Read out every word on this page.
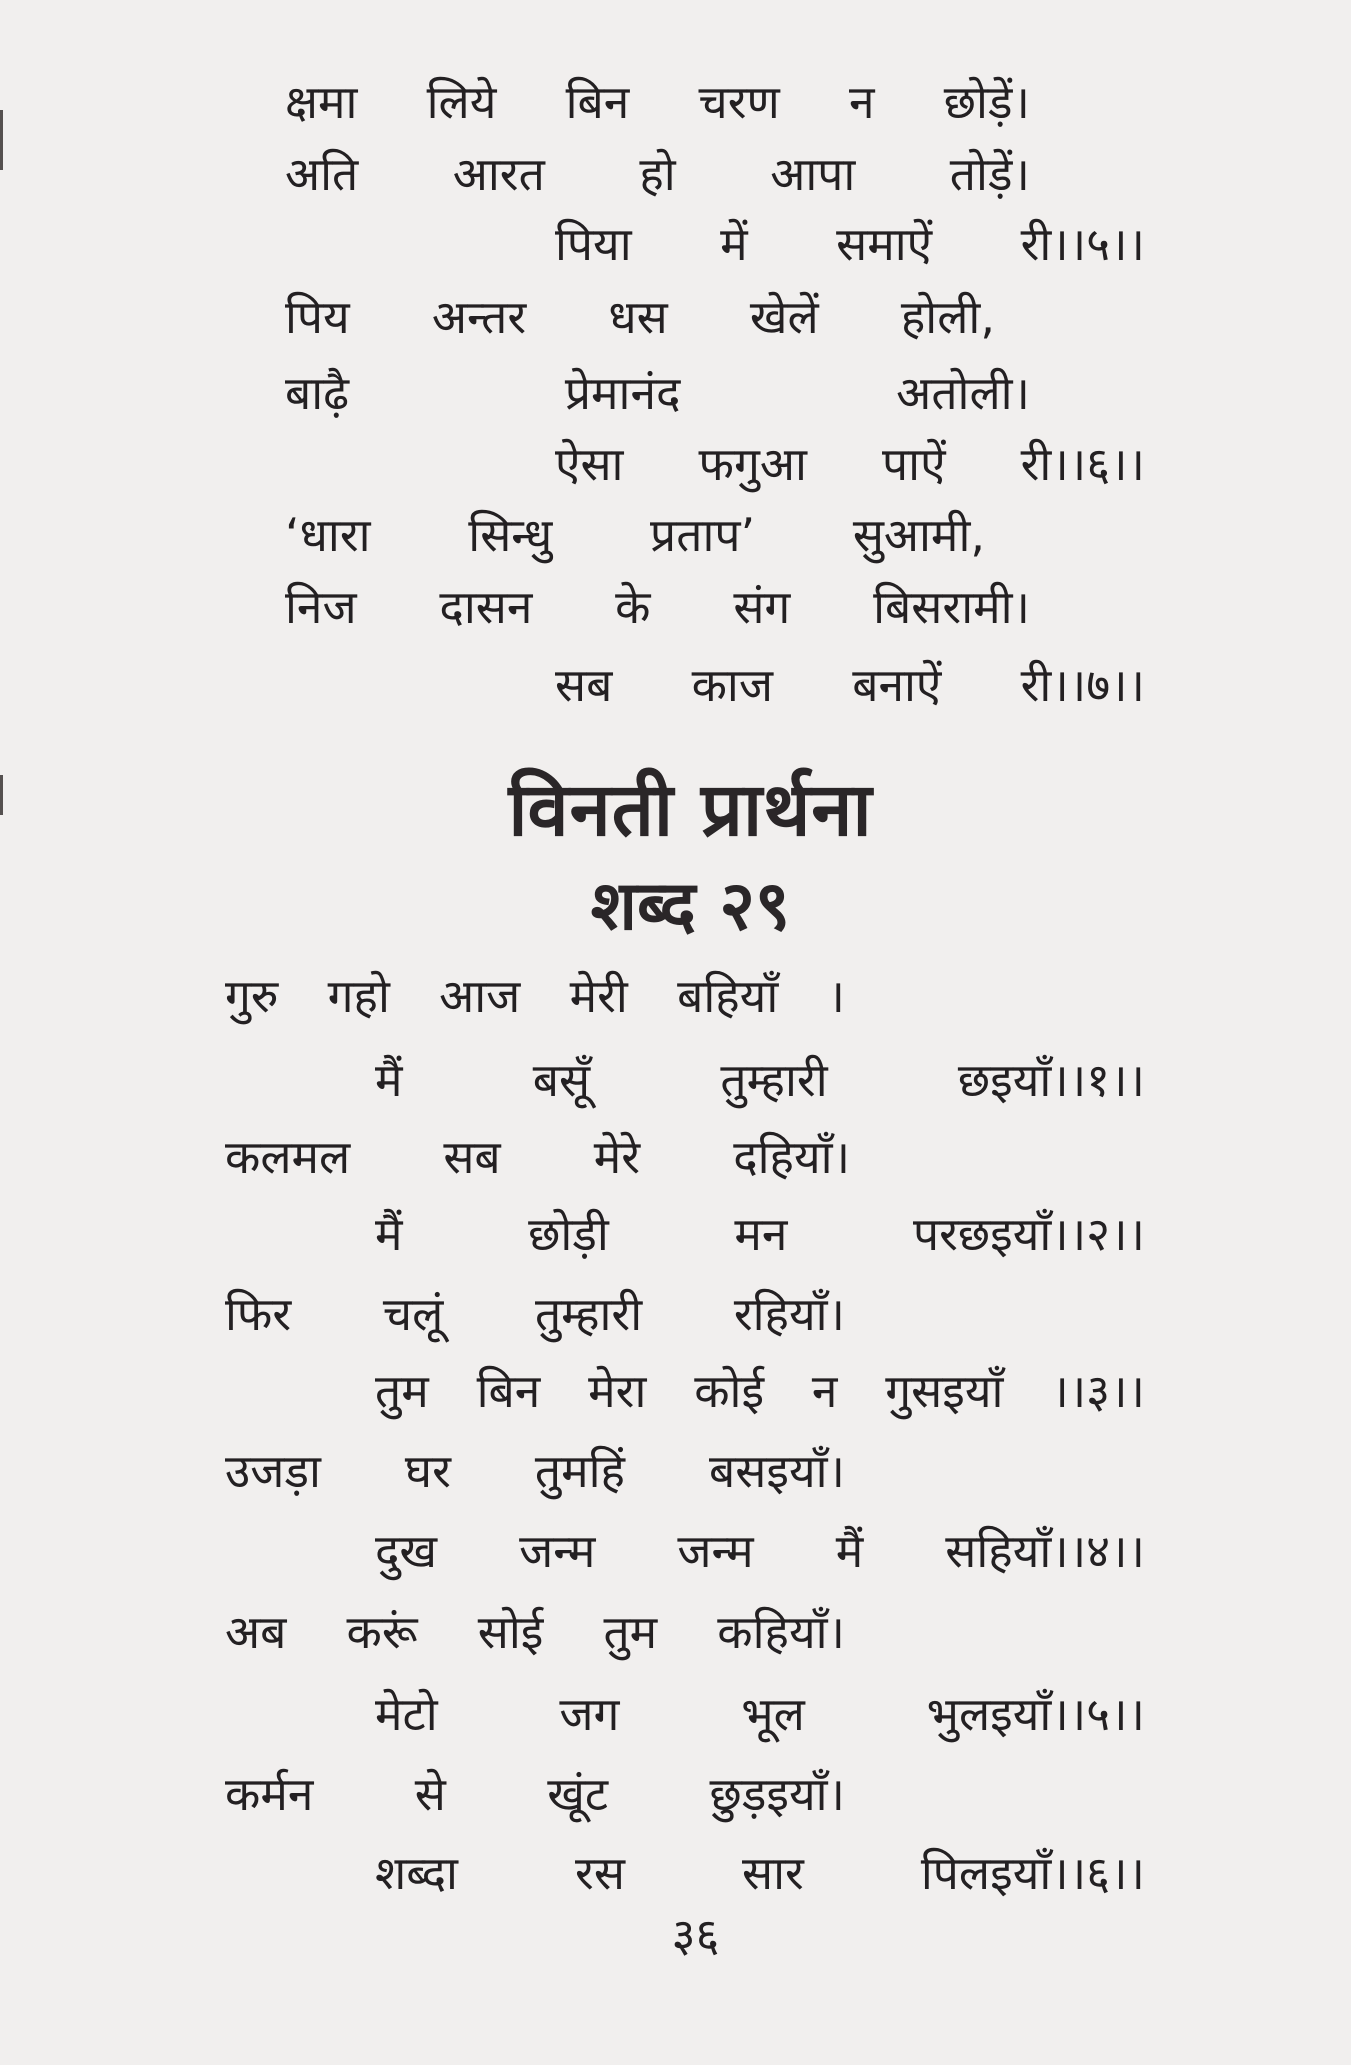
क्षमा लिये बिन चरण न छोड़ें।
अति आरत हो आपा तोड़ें।
पिया में समाऐं री।।५।।
पिय अन्तर धस खेलें होली,
बाढ़ै	प्रेमानंद	अतोली।
ऐसा फगुआ पाऐं री।।६।।
‘धारा सिन्धु प्रताप’ सुआमी,
निज दासन के संग बिसरामी।
सब काज बनाऐं री।।७।।
विनती प्रार्थना
शब्द २९
गुरु गहो आज मेरी बहियाँ ।
मैं	बसूँ	तुम्हारी	छइयाँ।।१।।
कलमल सब मेरे दहियाँ।
मैं	छोड़ी	मन	परछइयाँ।।२।।
फिर चलूं तुम्हारी रहियाँ।
तुम बिन मेरा कोई न गुसइयाँ ।।३।।
उजड़ा घर तुमहिं बसइयाँ।
दुख जन्म जन्म मैं सहियाँ।।४।।
अब करूं सोई तुम कहियाँ।
मेटो	जग	भूल	भुलइयाँ।।५।।
कर्मन से खूंट छुड़इयाँ।
शब्दा	रस	सार	पिलइयाँ।।६।।
३६
